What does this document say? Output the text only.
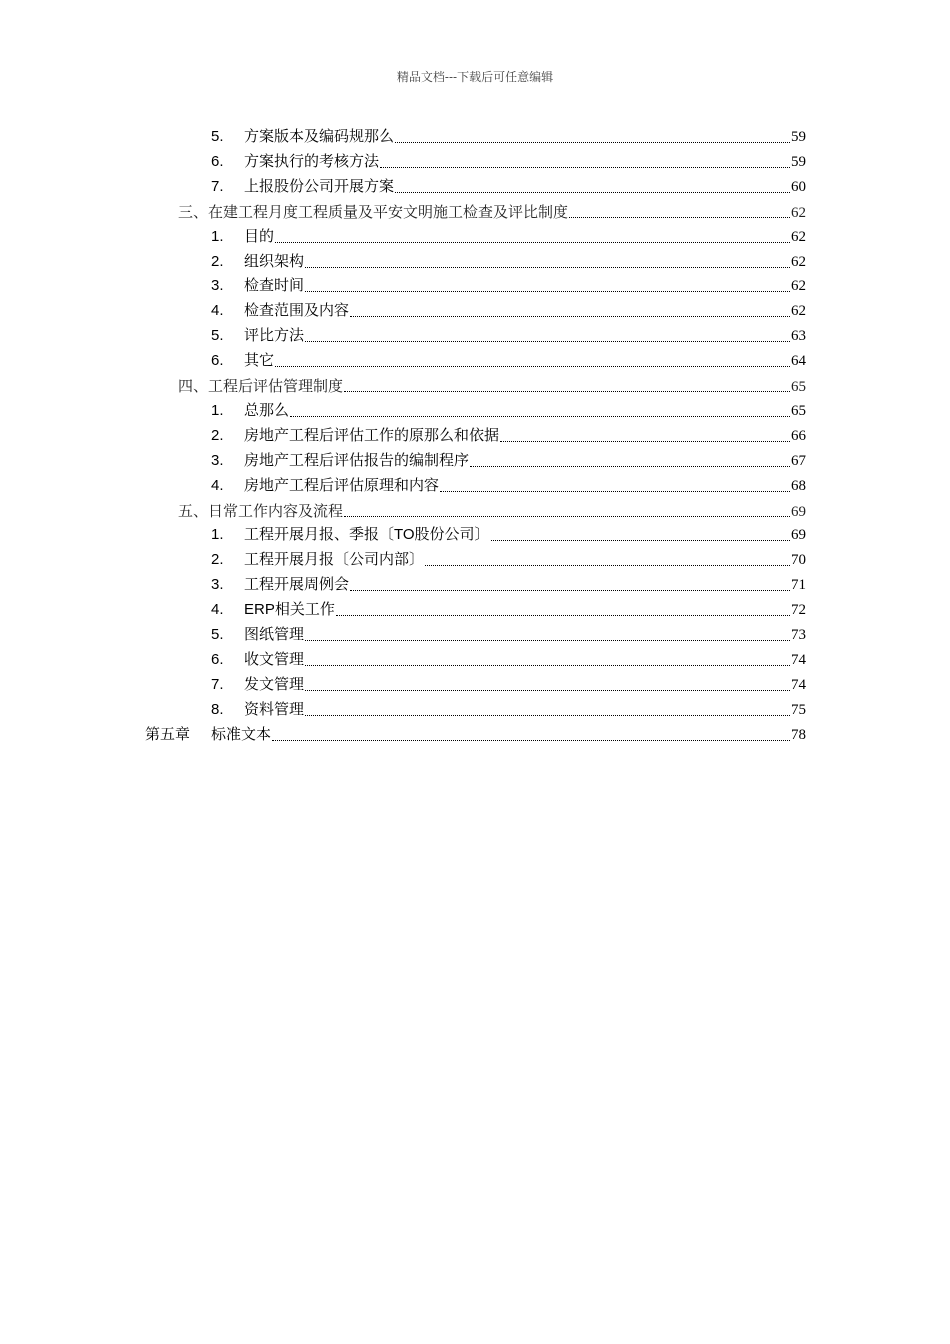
精品文档---下载后可任意编辑
5.	方案版本及编码规那么	59
6.	方案执行的考核方法	59
7.	上报股份公司开展方案	60
三、在建工程月度工程质量及平安文明施工检查及评比制度	62
1.	目的	62
2.	组织架构	62
3.	检查时间	62
4.	检查范围及内容	62
5.	评比方法	63
6.	其它	64
四、工程后评估管理制度	65
1.	总那么	65
2.	房地产工程后评估工作的原那么和依据	66
3.	房地产工程后评估报告的编制程序	67
4.	房地产工程后评估原理和内容	68
五、日常工作内容及流程	69
1.	工程开展月报、季报〔TO股份公司〕	69
2.	工程开展月报〔公司内部〕	70
3.	工程开展周例会	71
4.	ERP相关工作	72
5.	图纸管理	73
6.	收文管理	74
7.	发文管理	74
8.	资料管理	75
第五章	标准文本	78
